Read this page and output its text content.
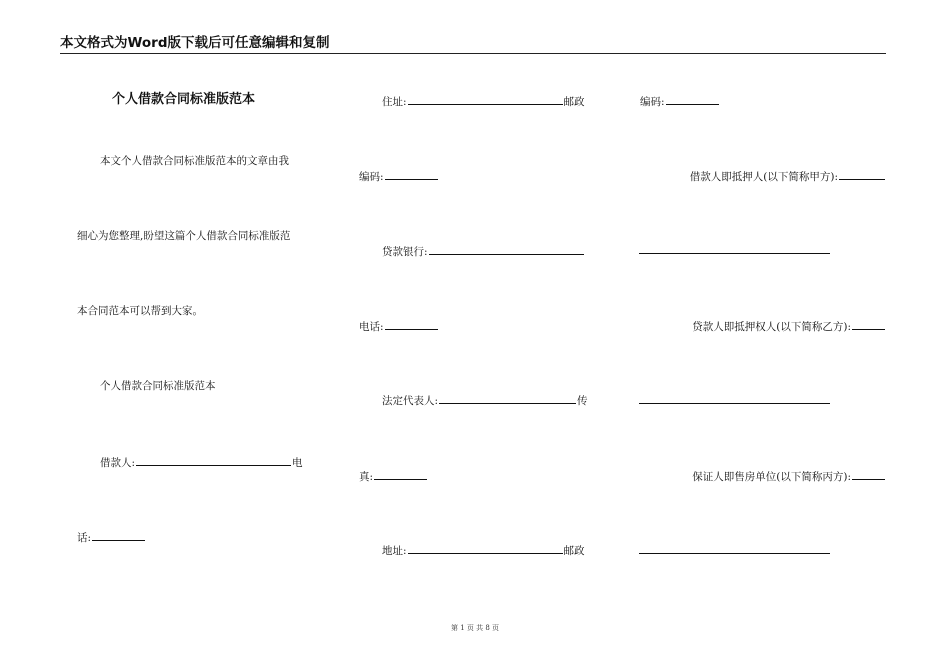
本文格式为Word版下载后可任意编辑和复制
个人借款合同标准版范本
本文个人借款合同标准版范本的文章由我
细心为您整理,盼望这篇个人借款合同标准版范
本合同范本可以帮到大家。
个人借款合同标准版范本
借款人:	电
话:
住址:	邮政
编码:
贷款银行:
电话:
法定代表人:	传
真:
地址:	邮政
编码:
借款人即抵押人(以下简称甲方):
贷款人即抵押权人(以下简称乙方):
保证人即售房单位(以下简称丙方):
第 1 页 共 8 页
